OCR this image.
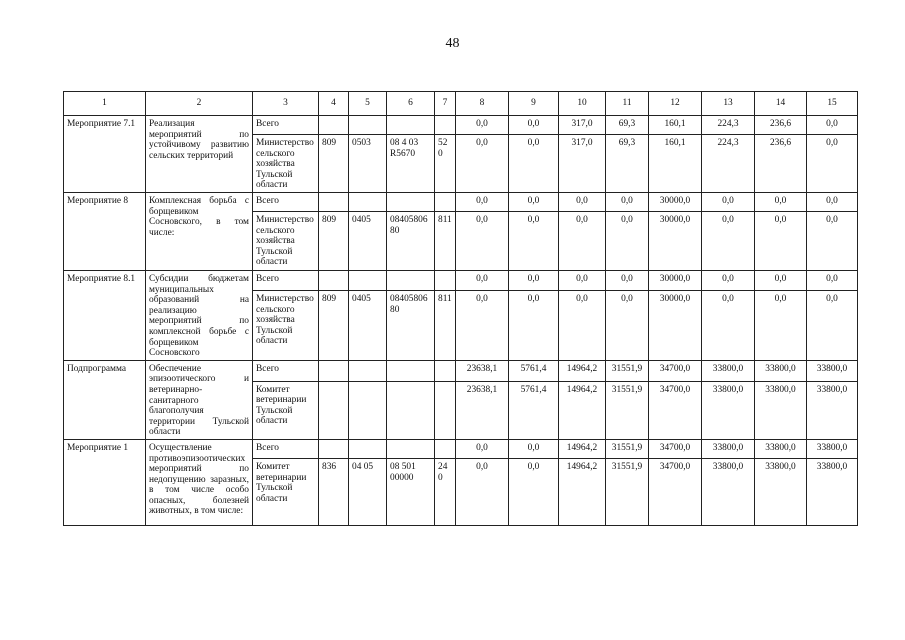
48
1	2	3	4	5	6	7	8	9	10	11	12	13	14	15
Мероприятие 7.1	Реализация мероприятий по устойчивому развитию сельских территорий	Всего					0,0	0,0	317,0	69,3	160,1	224,3	236,6	0,0
		Министерство сельского хозяйства Тульской области	809	0503	08 4 03 R5670	520	0,0	0,0	317,0	69,3	160,1	224,3	236,6	0,0
Мероприятие 8	Комплексная борьба с борщевиком Сосновского, в том числе:	Всего					0,0	0,0	0,0	0,0	30000,0	0,0	0,0	0,0
		Министерство сельского хозяйства Тульской области	809	0405	08405806 80	811	0,0	0,0	0,0	0,0	30000,0	0,0	0,0	0,0
Мероприятие 8.1	Субсидии бюджетам муниципальных образований на реализацию мероприятий по комплексной борьбе с борщевиком Сосновского	Всего					0,0	0,0	0,0	0,0	30000,0	0,0	0,0	0,0
		Министерство сельского хозяйства Тульской области	809	0405	08405806 80	811	0,0	0,0	0,0	0,0	30000,0	0,0	0,0	0,0
Подпрограмма	Обеспечение эпизоотического и ветеринарно-санитарного благополучия территории Тульской области	Всего					23638,1	5761,4	14964,2	31551,9	34700,0	33800,0	33800,0	33800,0
		Комитет ветеринарии Тульской области					23638,1	5761,4	14964,2	31551,9	34700,0	33800,0	33800,0	33800,0
Мероприятие 1	Осуществление противоэпизоотических мероприятий по недопущению заразных, в том числе особо опасных, болезней животных, в том числе:	Всего					0,0	0,0	14964,2	31551,9	34700,0	33800,0	33800,0	33800,0
		Комитет ветеринарии Тульской области	836	04 05	08 501 00000	240	0,0	0,0	14964,2	31551,9	34700,0	33800,0	33800,0	33800,0
